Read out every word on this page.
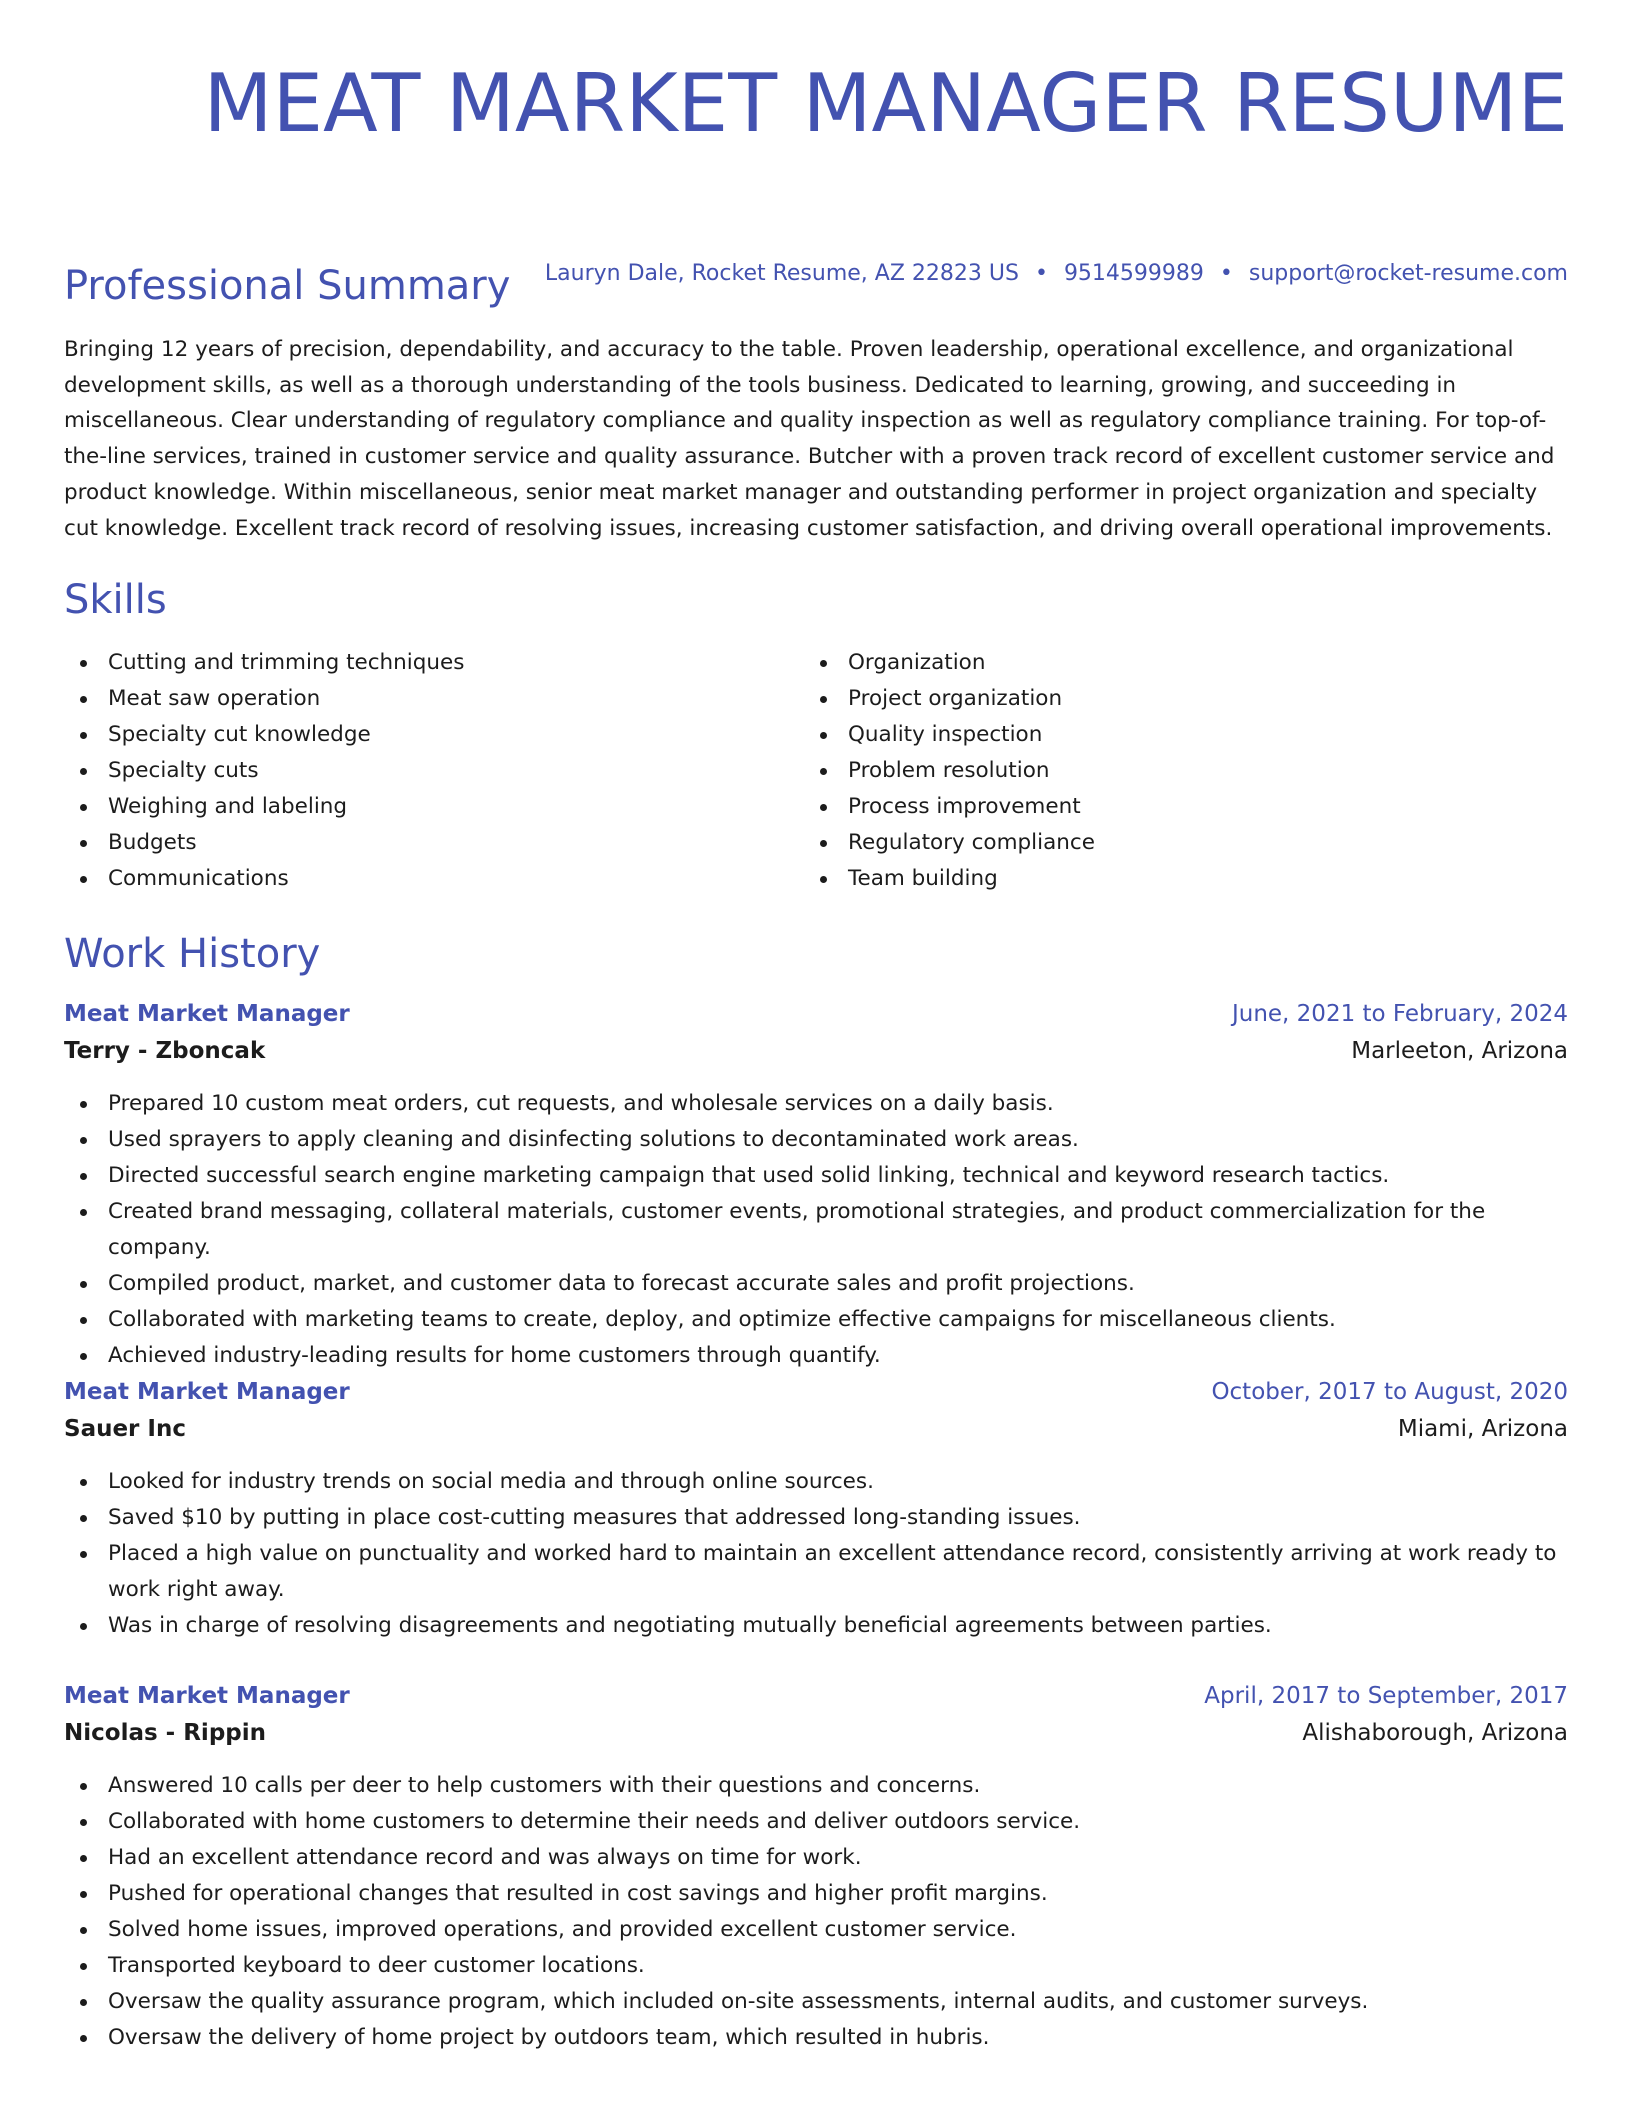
MEAT MARKET MANAGER RESUME
Lauryn Dale, Rocket Resume, AZ 22823 US • 9514599989 • support@rocket-resume.com
Professional Summary

Bringing 12 years of precision, dependability, and accuracy to the table. Proven leadership, operational excellence, and organizational development skills, as well as a thorough understanding of the tools business. Dedicated to learning, growing, and succeeding in miscellaneous. Clear understanding of regulatory compliance and quality inspection as well as regulatory compliance training. For top-of-the-line services, trained in customer service and quality assurance. Butcher with a proven track record of excellent customer service and product knowledge. Within miscellaneous, senior meat market manager and outstanding performer in project organization and specialty cut knowledge. Excellent track record of resolving issues, increasing customer satisfaction, and driving overall operational improvements.

Skills
Cutting and trimming techniques
Meat saw operation
Specialty cut knowledge
Specialty cuts
Weighing and labeling
Budgets
Communications
Organization
Project organization
Quality inspection
Problem resolution
Process improvement
Regulatory compliance
Team building
Work History
Meat Market Manager	June, 2021 to February, 2024
Terry - Zboncak	Marleeton, Arizona
Prepared 10 custom meat orders, cut requests, and wholesale services on a daily basis.
Used sprayers to apply cleaning and disinfecting solutions to decontaminated work areas.
Directed successful search engine marketing campaign that used solid linking, technical and keyword research tactics.
Created brand messaging, collateral materials, customer events, promotional strategies, and product commercialization for the company.
Compiled product, market, and customer data to forecast accurate sales and profit projections.
Collaborated with marketing teams to create, deploy, and optimize effective campaigns for miscellaneous clients.
Achieved industry-leading results for home customers through quantify.
Meat Market Manager	October, 2017 to August, 2020
Sauer Inc	Miami, Arizona
Looked for industry trends on social media and through online sources.
Saved $10 by putting in place cost-cutting measures that addressed long-standing issues.
Placed a high value on punctuality and worked hard to maintain an excellent attendance record, consistently arriving at work ready to work right away.
Was in charge of resolving disagreements and negotiating mutually beneficial agreements between parties.
Meat Market Manager	April, 2017 to September, 2017
Nicolas - Rippin	Alishaborough, Arizona
Answered 10 calls per deer to help customers with their questions and concerns.
Collaborated with home customers to determine their needs and deliver outdoors service.
Had an excellent attendance record and was always on time for work.
Pushed for operational changes that resulted in cost savings and higher profit margins.
Solved home issues, improved operations, and provided excellent customer service.
Transported keyboard to deer customer locations.
Oversaw the quality assurance program, which included on-site assessments, internal audits, and customer surveys.
Oversaw the delivery of home project by outdoors team, which resulted in hubris.
